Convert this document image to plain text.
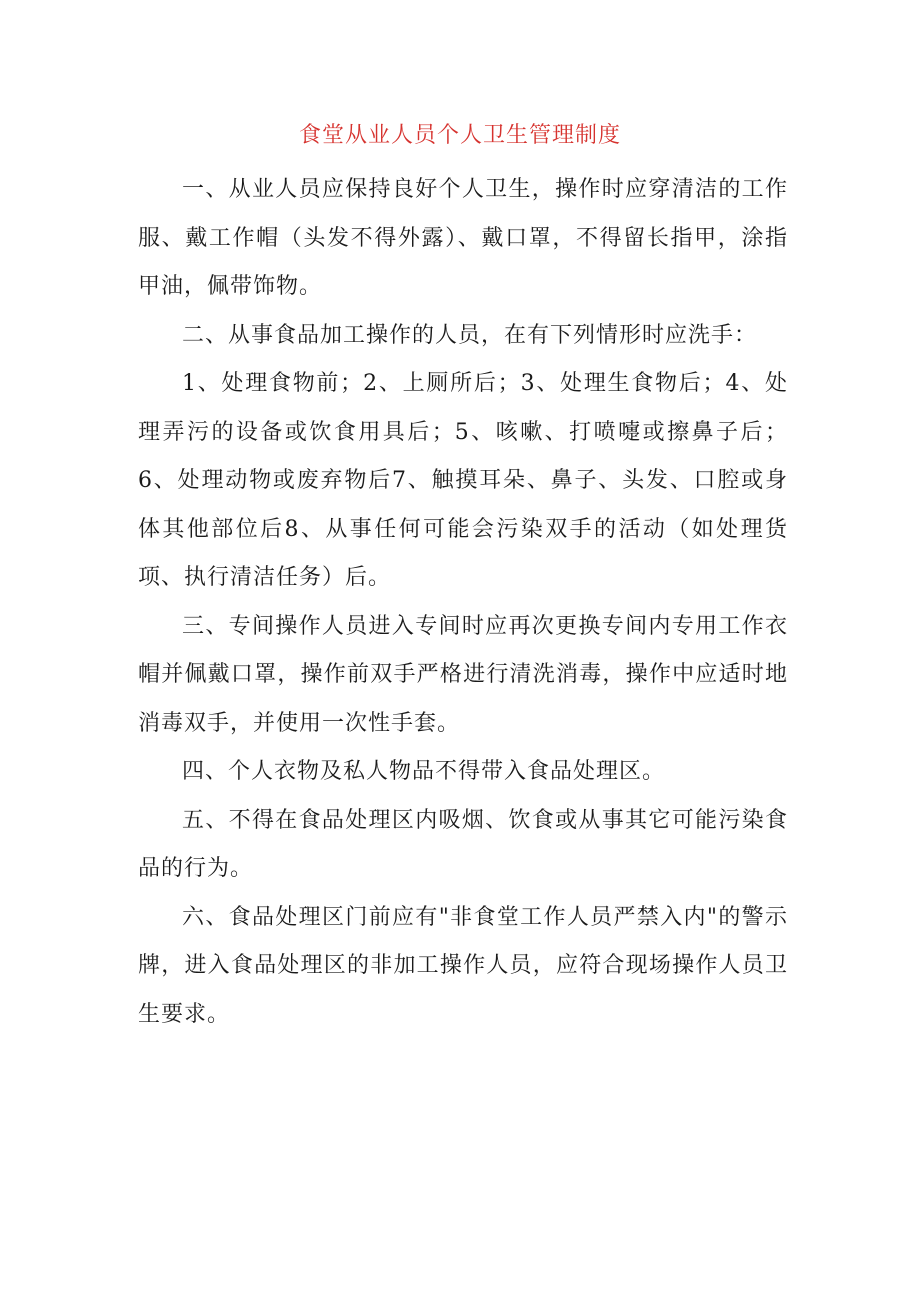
食堂从业人员个人卫生管理制度

一、从业人员应保持良好个人卫生，操作时应穿清洁的工作服、戴工作帽（头发不得外露）、戴口罩，不得留长指甲，涂指甲油，佩带饰物。

二、从事食品加工操作的人员，在有下列情形时应洗手：

1、处理食物前；2、上厕所后；3、处理生食物后；4、处理弄污的设备或饮食用具后；5、咳嗽、打喷嚏或擦鼻子后；6、处理动物或废弃物后7、触摸耳朵、鼻子、头发、口腔或身体其他部位后8、从事任何可能会污染双手的活动（如处理货项、执行清洁任务）后。

三、专间操作人员进入专间时应再次更换专间内专用工作衣帽并佩戴口罩，操作前双手严格进行清洗消毒，操作中应适时地消毒双手，并使用一次性手套。

四、个人衣物及私人物品不得带入食品处理区。

五、不得在食品处理区内吸烟、饮食或从事其它可能污染食品的行为。

六、食品处理区门前应有"非食堂工作人员严禁入内"的警示牌，进入食品处理区的非加工操作人员，应符合现场操作人员卫生要求。
